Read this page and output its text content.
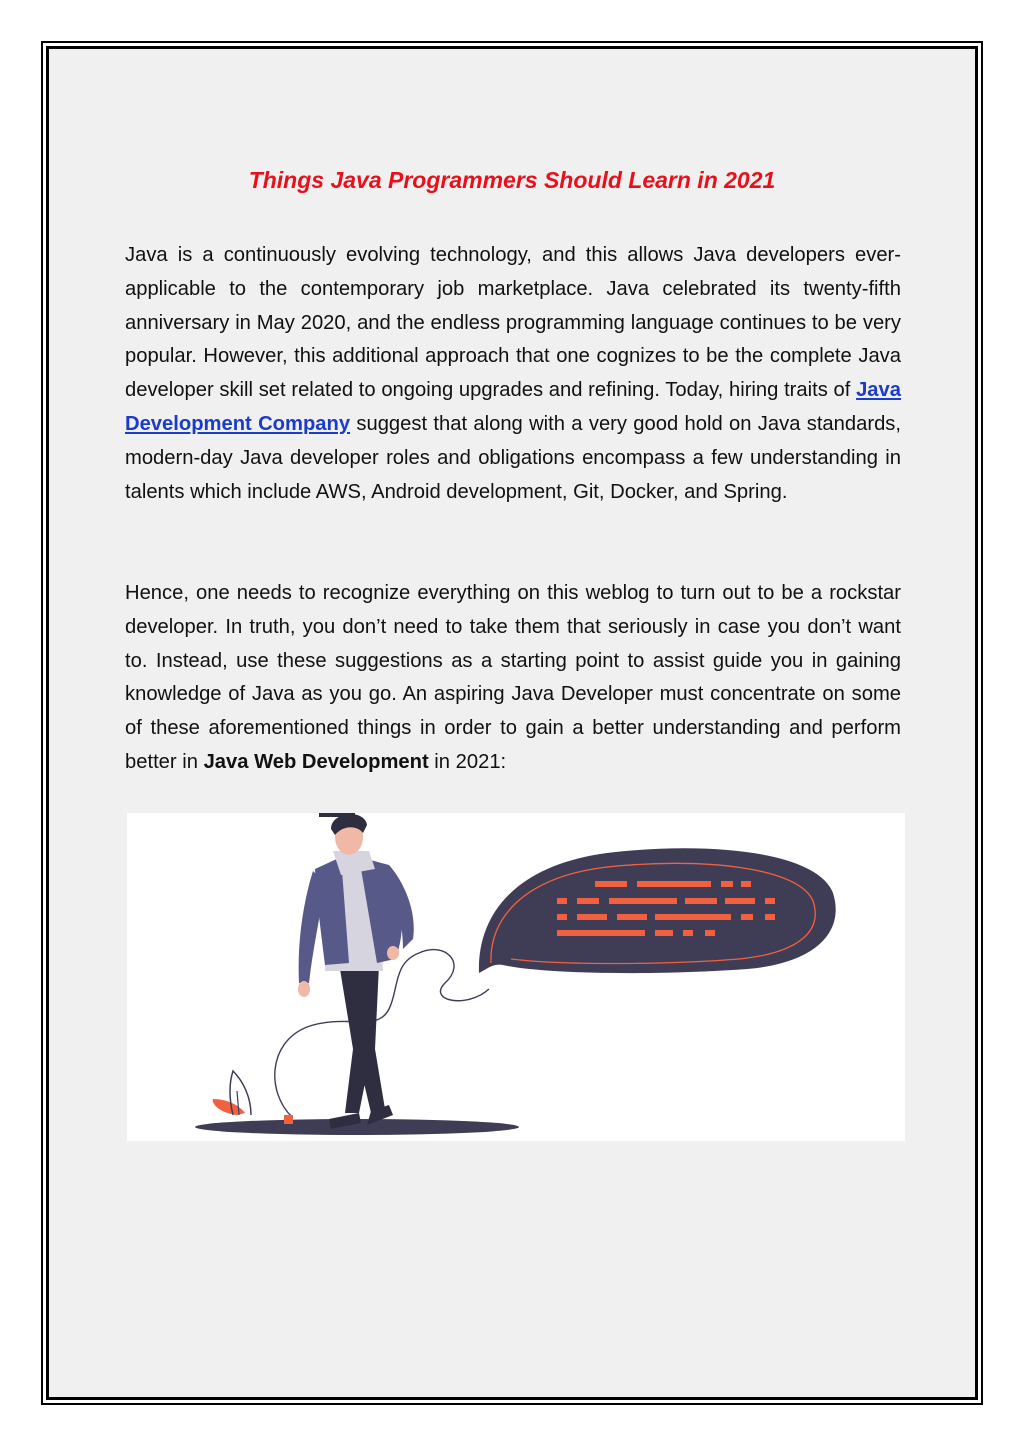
Things Java Programmers Should Learn in 2021

Java is a continuously evolving technology, and this allows Java developers ever-applicable to the contemporary job marketplace. Java celebrated its twenty-fifth anniversary in May 2020, and the endless programming language continues to be very popular. However, this additional approach that one cognizes to be the complete Java developer skill set related to ongoing upgrades and refining. Today, hiring traits of Java Development Company suggest that along with a very good hold on Java standards, modern-day Java developer roles and obligations encompass a few understanding in talents which include AWS, Android development, Git, Docker, and Spring.

Hence, one needs to recognize everything on this weblog to turn out to be a rockstar developer. In truth, you don’t need to take them that seriously in case you don’t want to. Instead, use these suggestions as a starting point to assist guide you in gaining knowledge of Java as you go. An aspiring Java Developer must concentrate on some of these aforementioned things in order to gain a better understanding and perform better in Java Web Development in 2021:
